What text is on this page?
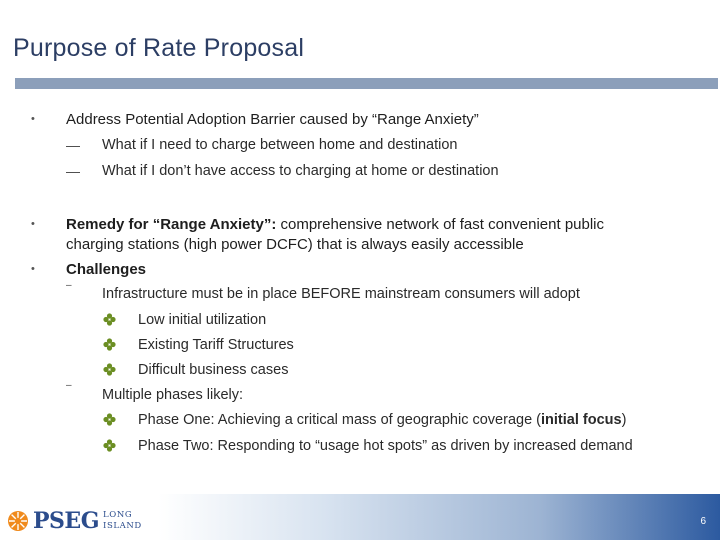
Purpose of Rate Proposal
• Address Potential Adoption Barrier caused by “Range Anxiety”
— What if I need to charge between home and destination
— What if I don’t have access to charging at home or destination
• Remedy for “Range Anxiety”: comprehensive network of fast convenient public
charging stations (high power DCFC) that is always easily accessible
• Challenges
–
Infrastructure must be in place BEFORE mainstream consumers will adopt
Low initial utilization
Existing Tariff Structures
Difficult business cases
–
Multiple phases likely:
Phase One: Achieving a critical mass of geographic coverage (initial focus)
Phase Two: Responding to “usage hot spots” as driven by increased demand
PSEG LONG
ISLAND	6
